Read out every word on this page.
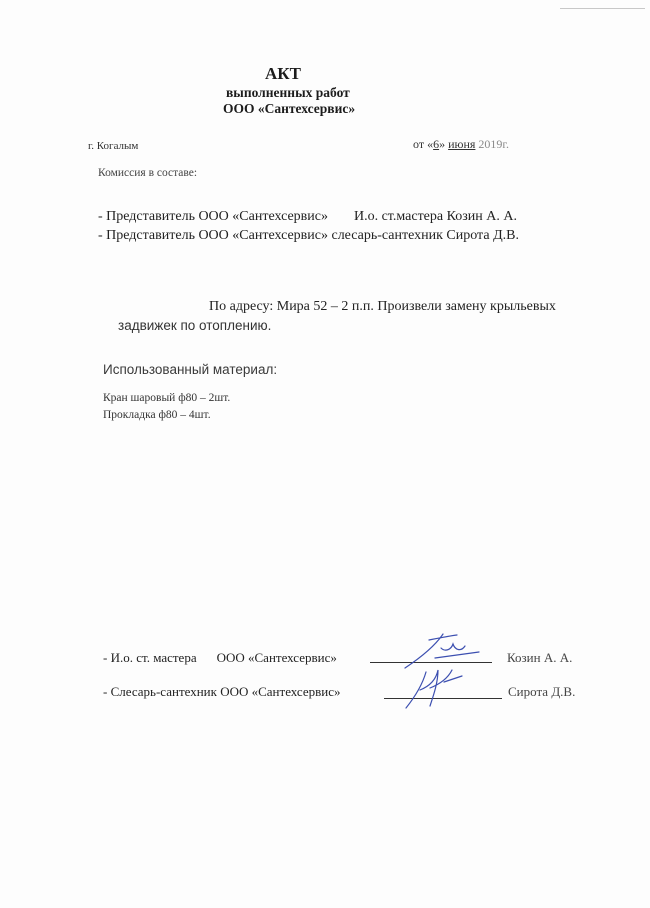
АКТ
выполненных работ
ООО «Сантехсервис»
г. Когалым	от «6» июня 2019г.
Комиссия в составе:
- Представитель ООО «Сантехсервис» И.о. ст.мастера Козин А. А.
- Представитель ООО «Сантехсервис» слесарь-сантехник Сирота Д.В.
По адресу: Мира 52 – 2 п.п. Произвели замену крыльевых
задвижек по отоплению.
Использованный материал:
Кран шаровый ф80 – 2шт.
Прокладка ф80 – 4шт.
- И.о. ст. мастера ООО «Сантехсервис»	Козин А. А.
- Слесарь-сантехник ООО «Сантехсервис»	Сирота Д.В.
